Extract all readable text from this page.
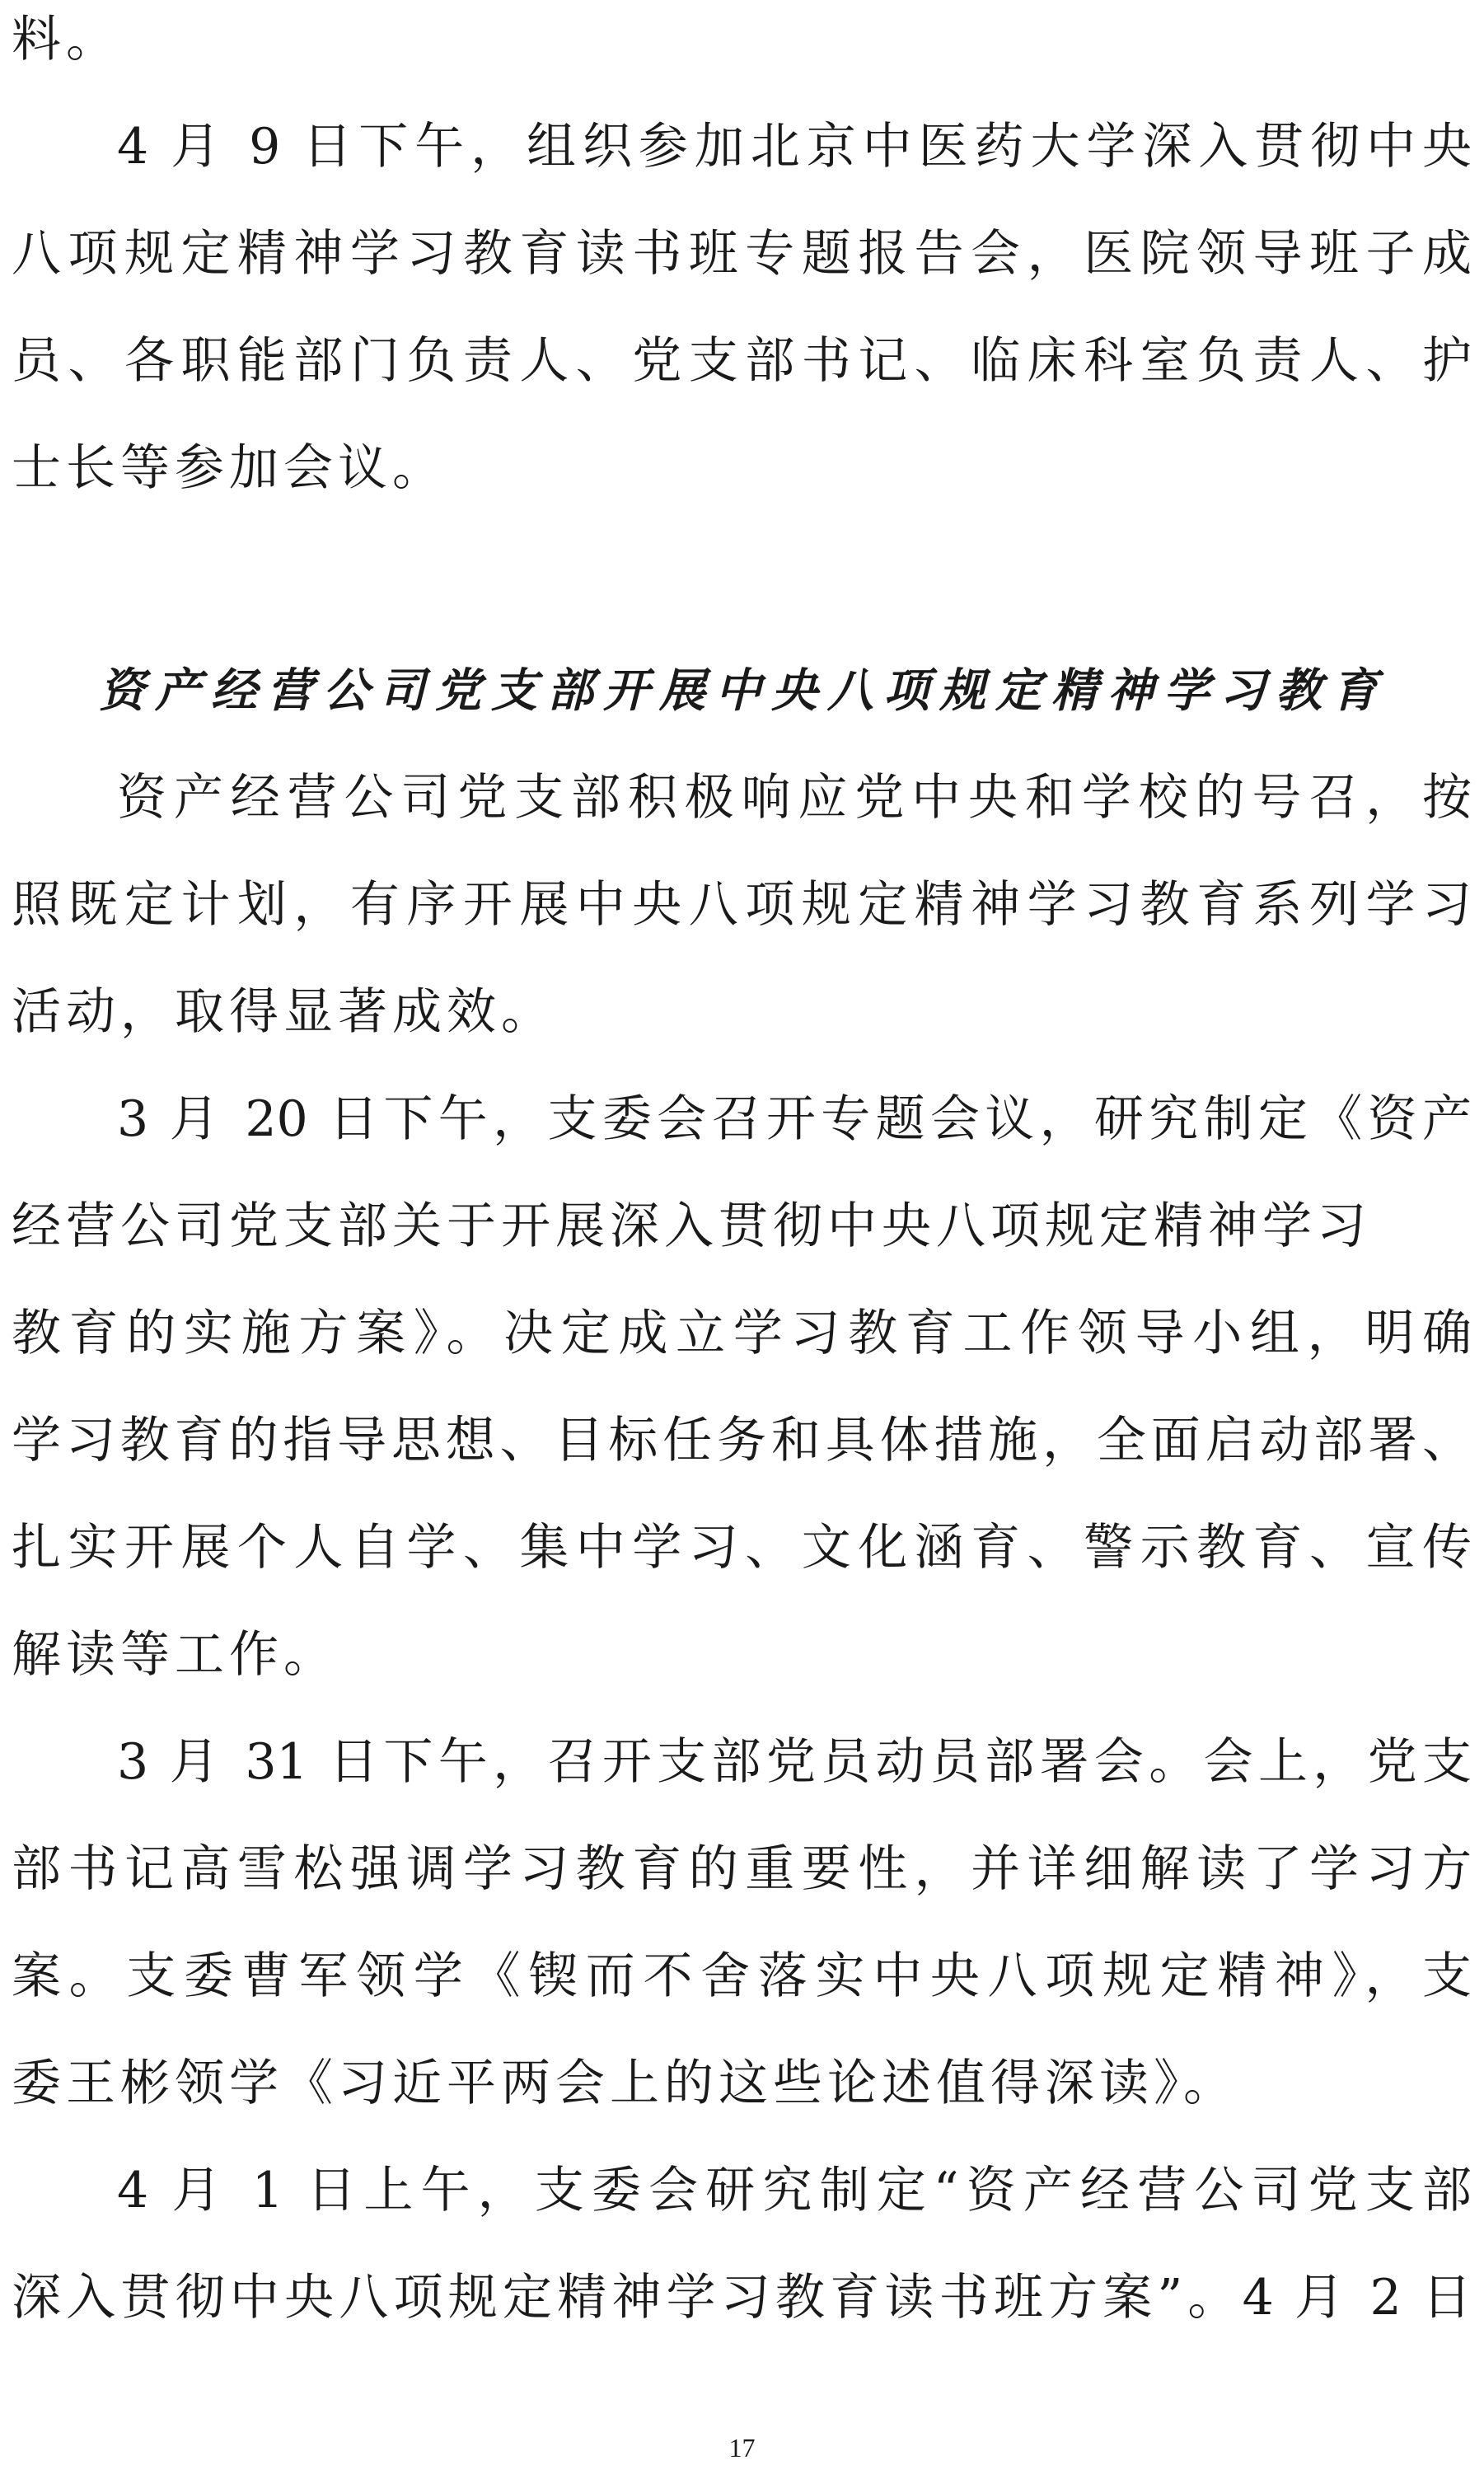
料。
4 月 9 日下午，组织参加北京中医药大学深入贯彻中央
八项规定精神学习教育读书班专题报告会，医院领导班子成
员、各职能部门负责人、党支部书记、临床科室负责人、护
士长等参加会议。
资产经营公司党支部开展中央八项规定精神学习教育
资产经营公司党支部积极响应党中央和学校的号召，按
照既定计划，有序开展中央八项规定精神学习教育系列学习
活动，取得显著成效。
3 月 20 日下午，支委会召开专题会议，研究制定《资产
经营公司党支部关于开展深入贯彻中央八项规定精神学习
教育的实施方案》。决定成立学习教育工作领导小组，明确
学习教育的指导思想、目标任务和具体措施，全面启动部署、
扎实开展个人自学、集中学习、文化涵育、警示教育、宣传
解读等工作。
3 月 31 日下午，召开支部党员动员部署会。会上，党支
部书记高雪松强调学习教育的重要性，并详细解读了学习方
案。支委曹军领学《锲而不舍落实中央八项规定精神》，支
委王彬领学《习近平两会上的这些论述值得深读》。
4 月 1 日上午，支委会研究制定“资产经营公司党支部
深入贯彻中央八项规定精神学习教育读书班方案”。4 月 2 日
17
